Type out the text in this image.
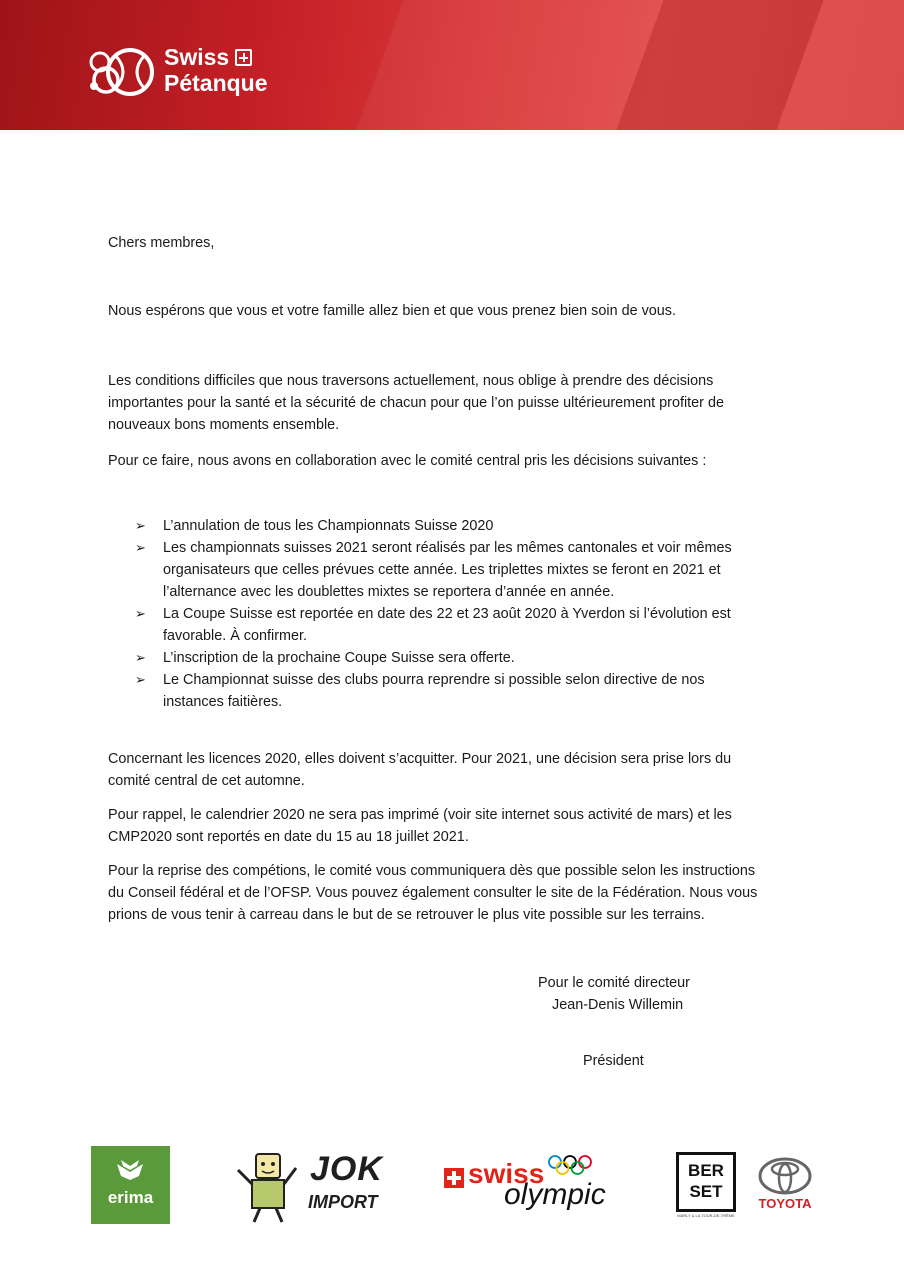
Swiss
Pétanque
Chers membres,
Nous espérons que vous et votre famille allez bien et que vous prenez bien soin de vous.
Les conditions difficiles que nous traversons actuellement, nous oblige à prendre des décisions
importantes pour la santé et la sécurité de chacun pour que l’on puisse ultérieurement profiter de
nouveaux bons moments ensemble.
Pour ce faire, nous avons en collaboration avec le comité central pris les décisions suivantes :
➢ L’annulation de tous les Championnats Suisse 2020
➢ Les championnats suisses 2021 seront réalisés par les mêmes cantonales et voir mêmes
organisateurs que celles prévues cette année. Les triplettes mixtes se feront en 2021 et
l’alternance avec les doublettes mixtes se reportera d’année en année.
➢ La Coupe Suisse est reportée en date des 22 et 23 août 2020 à Yverdon si l’évolution est
favorable. À confirmer.
➢ L’inscription de la prochaine Coupe Suisse sera offerte.
➢ Le Championnat suisse des clubs pourra reprendre si possible selon directive de nos
instances faitières.
Concernant les licences 2020, elles doivent s’acquitter. Pour 2021, une décision sera prise lors du
comité central de cet automne.
Pour rappel, le calendrier 2020 ne sera pas imprimé (voir site internet sous activité de mars) et les
CMP2020 sont reportés en date du 15 au 18 juillet 2021.
Pour la reprise des compétions, le comité vous communiquera dès que possible selon les instructions
du Conseil fédéral et de l’OFSP. Vous pouvez également consulter le site de la Fédération. Nous vous
prions de vous tenir à carreau dans le but de se retrouver le plus vite possible sur les terrains.
Pour le comité directeur
Jean-Denis Willemin
Président
erima
JOK
IMPORT
swiss
olympic
BER
SET
MARLY & LA TOUR-DE-TRÊME
TOYOTA
